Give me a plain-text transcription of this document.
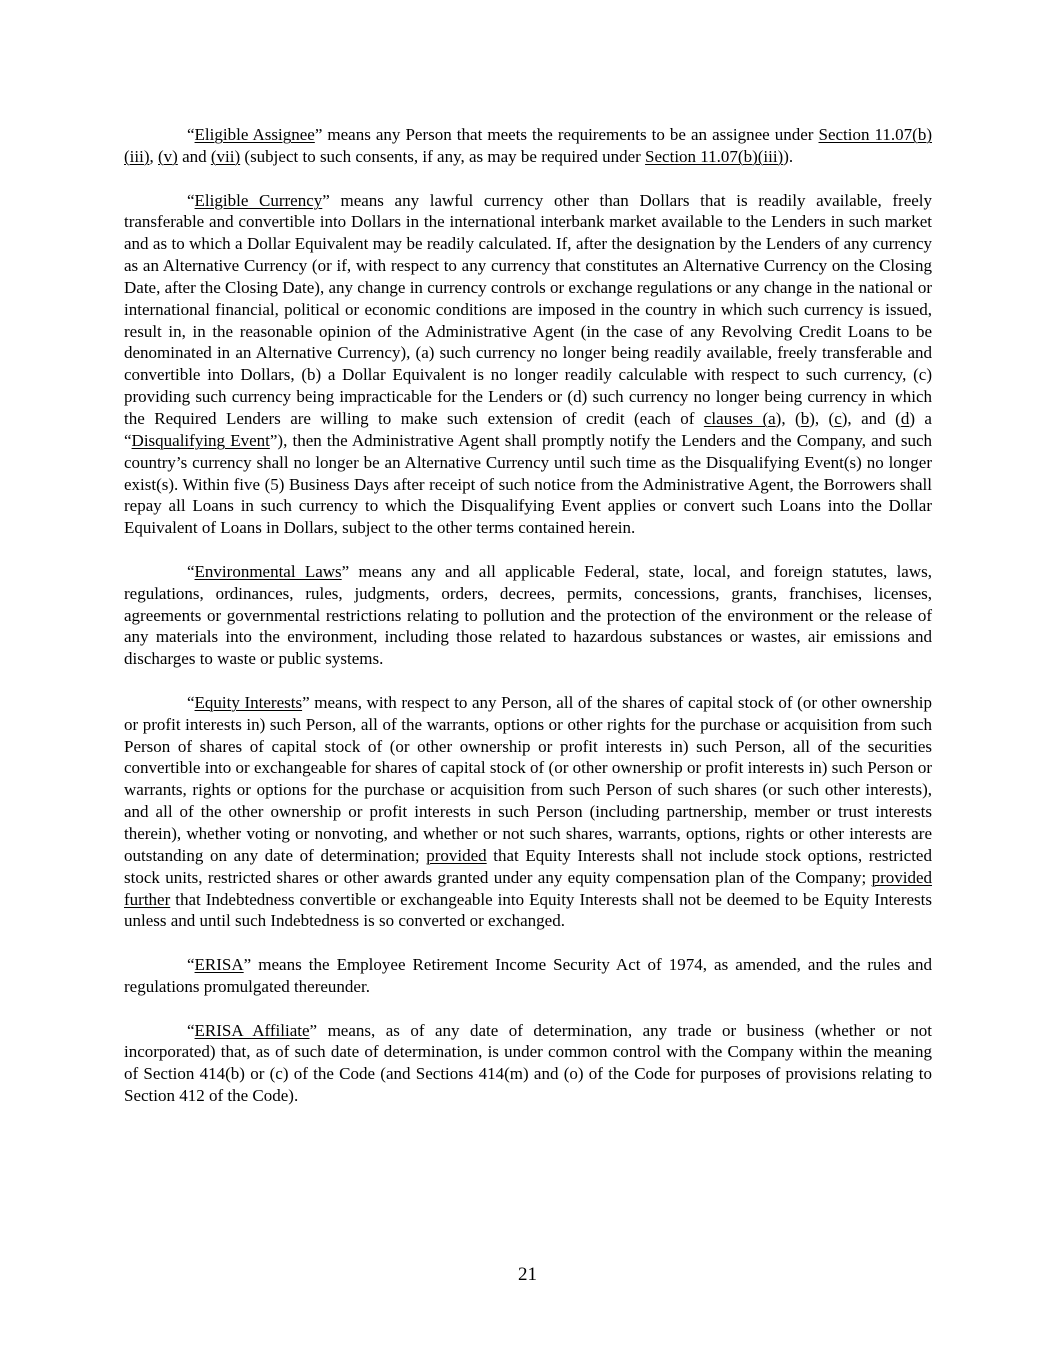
“Eligible Assignee” means any Person that meets the requirements to be an assignee under Section 11.07(b)(iii), (v) and (vii) (subject to such consents, if any, as may be required under Section 11.07(b)(iii)).

“Eligible Currency” means any lawful currency other than Dollars that is readily available, freely transferable and convertible into Dollars in the international interbank market available to the Lenders in such market and as to which a Dollar Equivalent may be readily calculated. If, after the designation by the Lenders of any currency as an Alternative Currency (or if, with respect to any currency that constitutes an Alternative Currency on the Closing Date, after the Closing Date), any change in currency controls or exchange regulations or any change in the national or international financial, political or economic conditions are imposed in the country in which such currency is issued, result in, in the reasonable opinion of the Administrative Agent (in the case of any Revolving Credit Loans to be denominated in an Alternative Currency), (a) such currency no longer being readily available, freely transferable and convertible into Dollars, (b) a Dollar Equivalent is no longer readily calculable with respect to such currency, (c) providing such currency being impracticable for the Lenders or (d) such currency no longer being currency in which the Required Lenders are willing to make such extension of credit (each of clauses (a), (b), (c), and (d) a “Disqualifying Event”), then the Administrative Agent shall promptly notify the Lenders and the Company, and such country’s currency shall no longer be an Alternative Currency until such time as the Disqualifying Event(s) no longer exist(s). Within five (5) Business Days after receipt of such notice from the Administrative Agent, the Borrowers shall repay all Loans in such currency to which the Disqualifying Event applies or convert such Loans into the Dollar Equivalent of Loans in Dollars, subject to the other terms contained herein.

“Environmental Laws” means any and all applicable Federal, state, local, and foreign statutes, laws, regulations, ordinances, rules, judgments, orders, decrees, permits, concessions, grants, franchises, licenses, agreements or governmental restrictions relating to pollution and the protection of the environment or the release of any materials into the environment, including those related to hazardous substances or wastes, air emissions and discharges to waste or public systems.

“Equity Interests” means, with respect to any Person, all of the shares of capital stock of (or other ownership or profit interests in) such Person, all of the warrants, options or other rights for the purchase or acquisition from such Person of shares of capital stock of (or other ownership or profit interests in) such Person, all of the securities convertible into or exchangeable for shares of capital stock of (or other ownership or profit interests in) such Person or warrants, rights or options for the purchase or acquisition from such Person of such shares (or such other interests), and all of the other ownership or profit interests in such Person (including partnership, member or trust interests therein), whether voting or nonvoting, and whether or not such shares, warrants, options, rights or other interests are outstanding on any date of determination; provided that Equity Interests shall not include stock options, restricted stock units, restricted shares or other awards granted under any equity compensation plan of the Company; provided further that Indebtedness convertible or exchangeable into Equity Interests shall not be deemed to be Equity Interests unless and until such Indebtedness is so converted or exchanged.

“ERISA” means the Employee Retirement Income Security Act of 1974, as amended, and the rules and regulations promulgated thereunder.

“ERISA Affiliate” means, as of any date of determination, any trade or business (whether or not incorporated) that, as of such date of determination, is under common control with the Company within the meaning of Section 414(b) or (c) of the Code (and Sections 414(m) and (o) of the Code for purposes of provisions relating to Section 412 of the Code).

21
